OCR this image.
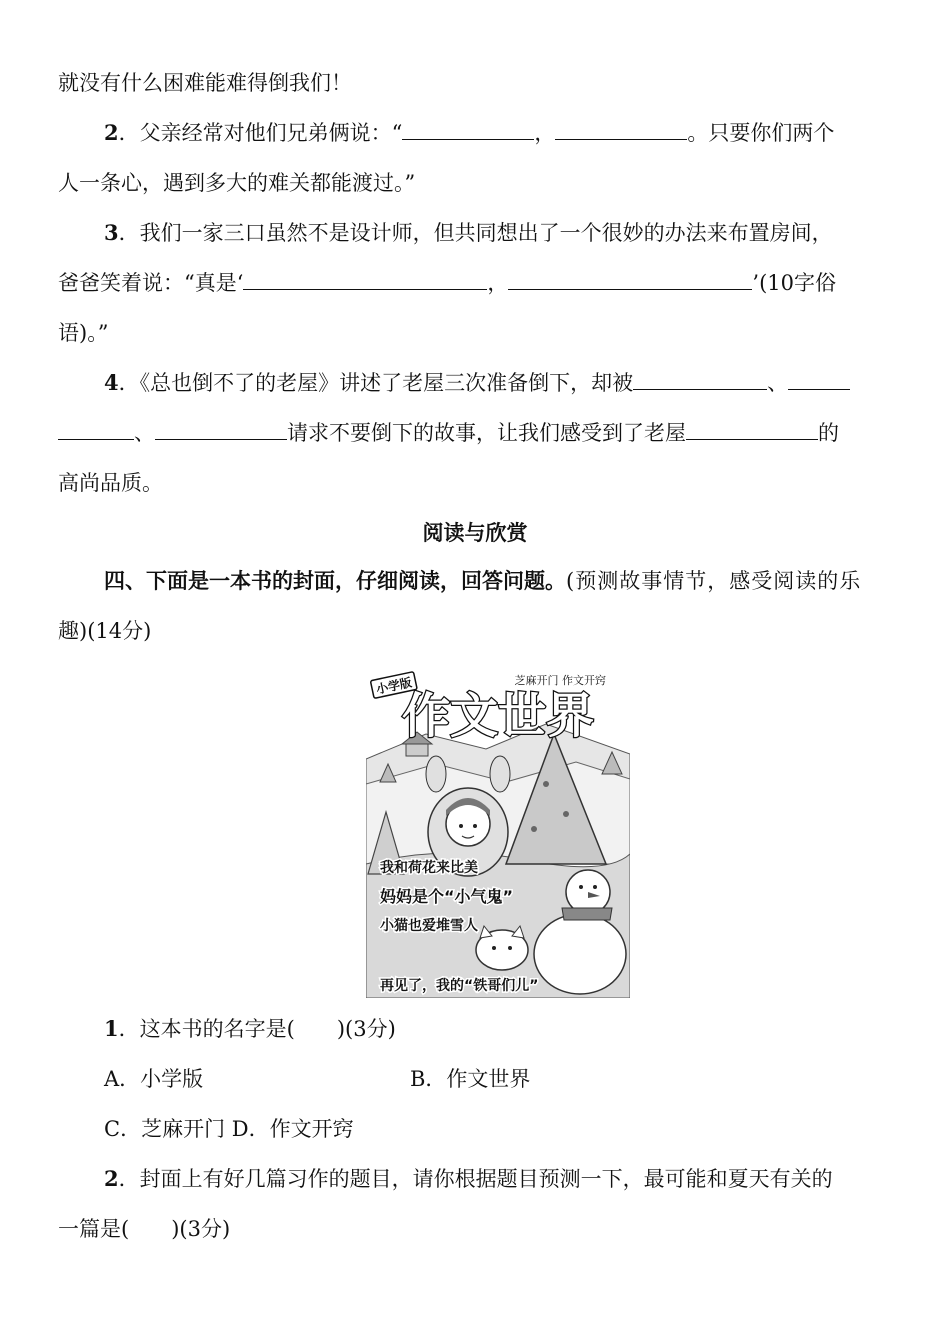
就没有什么困难能难得倒我们！
2．父亲经常对他们兄弟俩说：“	，	。只要你们两个
人一条心，遇到多大的难关都能渡过。”
3．我们一家三口虽然不是设计师，但共同想出了一个很妙的办法来布置房间，
爸爸笑着说：“真是‘	，	’(10字俗
语)。”
4．《总也倒不了的老屋》讲述了老屋三次准备倒下，却被	、
、	请求不要倒下的故事，让我们感受到了老屋	的
高尚品质。
阅读与欣赏
四、下面是一本书的封面，仔细阅读，回答问题。(预测故事情节，感受阅读的乐
趣)(14分)
小学版	芝麻开门 作文开窍
作文世界
我和荷花来比美
妈妈是个“小气鬼”
小猫也爱堆雪人
再见了，我的“铁哥们儿”
1．这本书的名字是(　　)(3分)
A．小学版	B．作文世界
C．芝麻开门 D．作文开窍
2．封面上有好几篇习作的题目，请你根据题目预测一下，最可能和夏天有关的
一篇是(　　)(3分)
